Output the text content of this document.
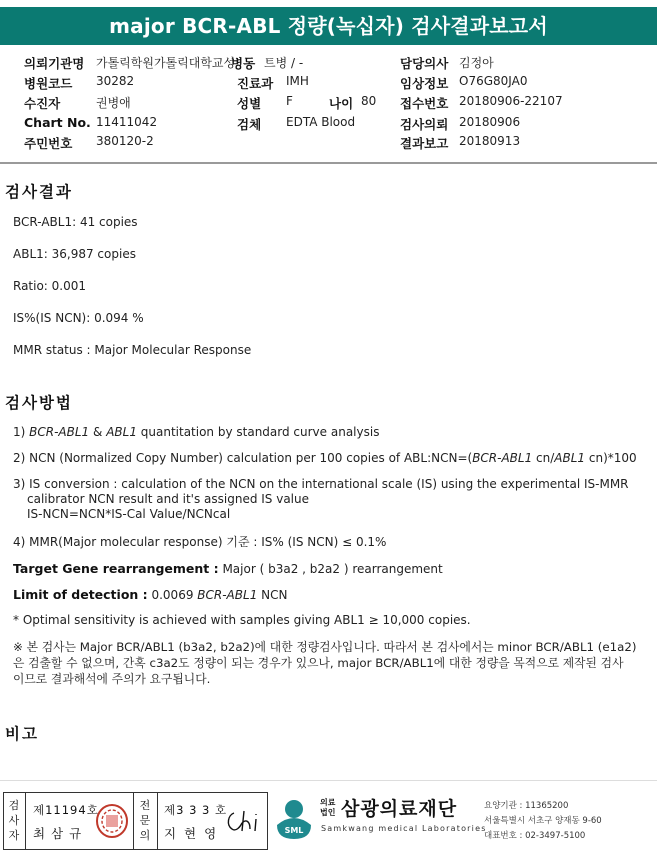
major BCR-ABL 정량(녹십자) 검사결과보고서
의뢰기관명 가톨릭학원가톨릭대학교성
병동 트병 / -	담당의사 김정아
병원코드 30282	진료과 IMH	임상정보 O76G80JA0
수진자	권병애	성별 F	나이 80 접수번호 20180906-22107
Chart No. 11411042	검체 EDTA Blood	검사의뢰 20180906
주민번호 380120-2	결과보고 20180913
검사결과
BCR-ABL1: 41 copies
ABL1: 36,987 copies
Ratio: 0.001
IS%(IS NCN): 0.094 %
MMR status : Major Molecular Response
검사방법
1) BCR-ABL1 & ABL1 quantitation by standard curve analysis
2) NCN (Normalized Copy Number) calculation per 100 copies of ABL:NCN=(BCR-ABL1 cn/ABL1 cn)*100
3) IS conversion : calculation of the NCN on the international scale (IS) using the experimental IS-MMR
calibrator NCN result and it's assigned IS value
IS-NCN=NCN*IS-Cal Value/NCNcal
4) MMR(Major molecular response) 기준 : IS% (IS NCN) ≤ 0.1%
Target Gene rearrangement : Major ( b3a2 , b2a2 ) rearrangement
Limit of detection : 0.0069 BCR-ABL1 NCN
* Optimal sensitivity is achieved with samples giving ABL1 ≥ 10,000 copies.
※ 본 검사는 Major BCR/ABL1 (b3a2, b2a2)에 대한 정량검사입니다. 따라서 본 검사에서는 minor BCR/ABL1 (e1a2)
은 검출할 수 없으며, 간혹 c3a2도 정량이 되는 경우가 있으나, major BCR/ABL1에 대한 정량을 목적으로 제작된 검사
이므로 결과해석에 주의가 요구됩니다.
비고
검
사
자
제11194호
최 삼 규
전
문
의
제3 3 3 호
지 현 영	SML
의료
법인 삼광의료재단
Samkwang medical Laboratories
요양기관 : 11365200
서울특별시 서초구 양재동 9-60
대표번호 : 02-3497-5100
